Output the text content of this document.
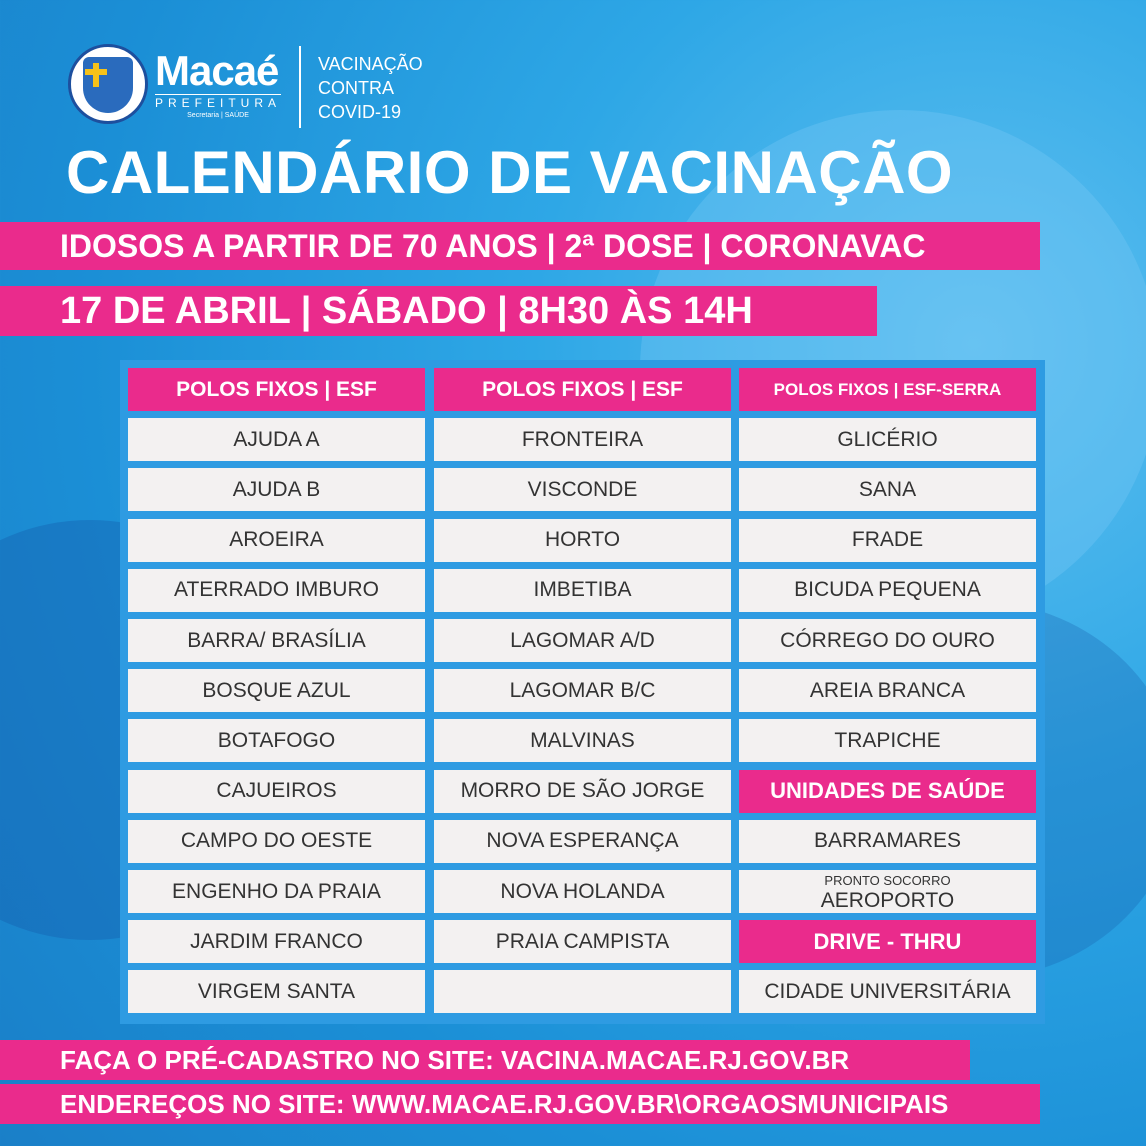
Macaé
PREFEITURA
Secretaria | SAÚDE
VACINAÇÃO
CONTRA
COVID-19
CALENDÁRIO DE VACINAÇÃO
IDOSOS A PARTIR DE 70 ANOS | 2ª DOSE | CORONAVAC
17 DE ABRIL | SÁBADO | 8H30 ÀS 14H
POLOS FIXOS | ESF
AJUDA A
AJUDA B
AROEIRA
ATERRADO IMBURO
BARRA/ BRASÍLIA
BOSQUE AZUL
BOTAFOGO
CAJUEIROS
CAMPO DO OESTE
ENGENHO DA PRAIA
JARDIM FRANCO
VIRGEM SANTA
POLOS FIXOS | ESF
FRONTEIRA
VISCONDE
HORTO
IMBETIBA
LAGOMAR A/D
LAGOMAR B/C
MALVINAS
MORRO DE SÃO JORGE
NOVA ESPERANÇA
NOVA HOLANDA
PRAIA CAMPISTA
POLOS FIXOS | ESF-SERRA
GLICÉRIO
SANA
FRADE
BICUDA PEQUENA
CÓRREGO DO OURO
AREIA BRANCA
TRAPICHE
UNIDADES DE SAÚDE
BARRAMARES
PRONTO SOCORRO
AEROPORTO
DRIVE - THRU
CIDADE UNIVERSITÁRIA
FAÇA O PRÉ-CADASTRO NO SITE: VACINA.MACAE.RJ.GOV.BR
ENDEREÇOS NO SITE: WWW.MACAE.RJ.GOV.BR\ORGAOSMUNICIPAIS
